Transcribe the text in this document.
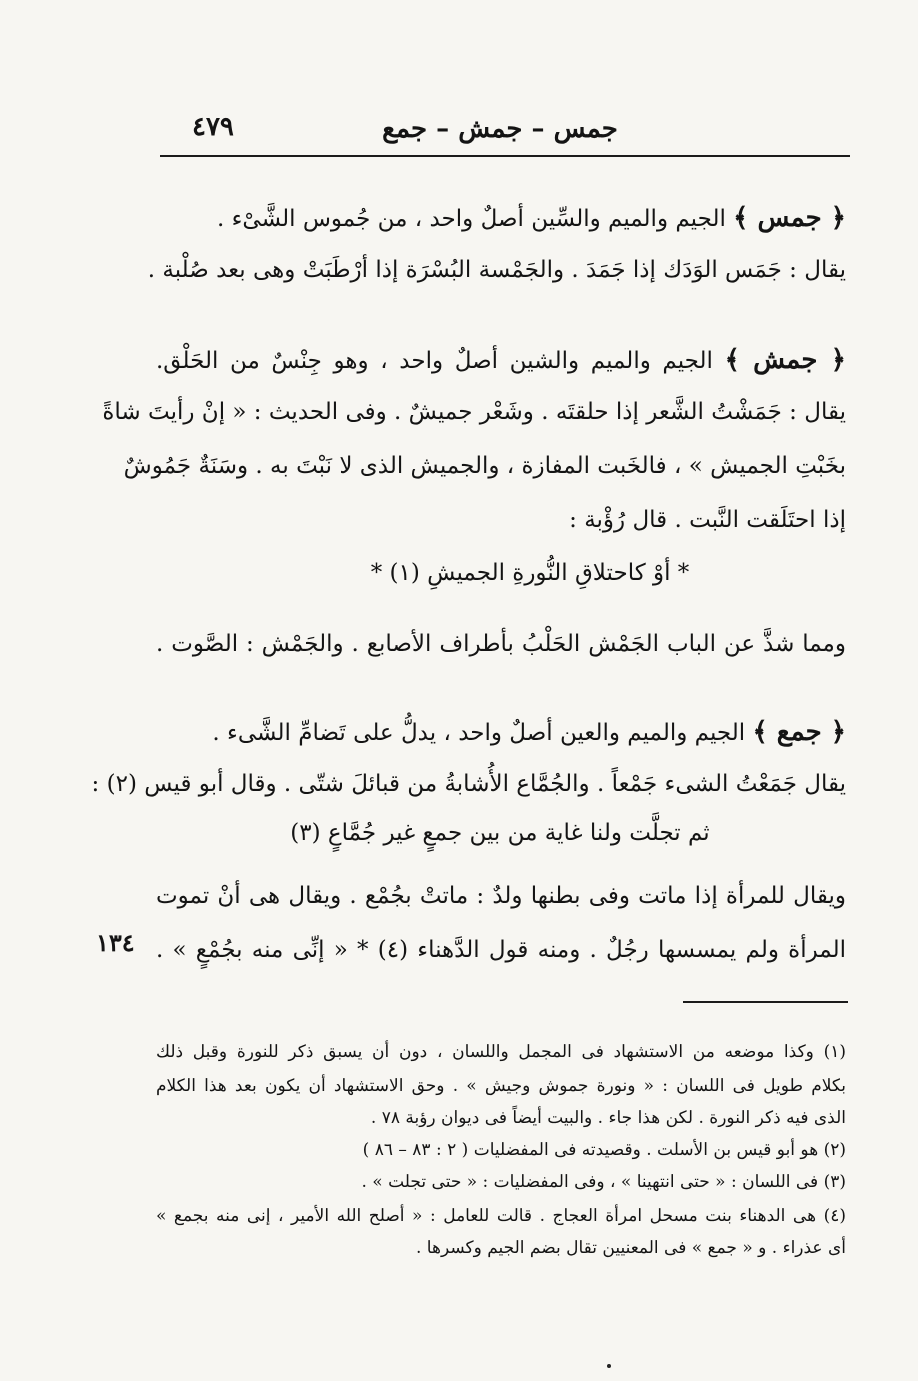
٤٧٩	جمس – جمش – جمع
﴿ جمس ﴾ الجيم والميم والسِّين أصلٌ واحد ، من جُموس الشَّىْء .
يقال : جَمَس الوَدَك إذا جَمَدَ . والجَمْسة البُسْرَة إذا أرْطَبَتْ وهى بعد صُلْبة .
﴿ جمش ﴾ الجيم والميم والشين أصلٌ واحد ، وهو جِنْسٌ من الحَلْق.
يقال : جَمَشْتُ الشَّعر إذا حلقتَه . وشَعْر جميشٌ . وفى الحديث : « إنْ رأيتَ شاةً
بخَبْتِ الجميش » ، فالخَبت المفازة ، والجميش الذى لا نَبْتَ به . وسَنَةٌ جَمُوشٌ
إذا احتَلَقت النَّبت . قال رُؤْبة :
* أوْ كاحتلاقِ النُّورةِ الجميشِ (١) *
ومما شذَّ عن الباب الجَمْش الحَلْبُ بأطراف الأصابع . والجَمْش : الصَّوت .
﴿ جمع ﴾ الجيم والميم والعين أصلٌ واحد ، يدلُّ على تَضامِّ الشَّىء .
يقال جَمَعْتُ الشىء جَمْعاً . والجُمَّاع الأُشابةُ من قبائلَ شتّى . وقال أبو قيس (٢) :
ثم تجلَّت ولنا غاية من بين جمعٍ غير جُمَّاعٍ (٣)
ويقال للمرأة إذا ماتت وفى بطنها ولدٌ : ماتتْ بجُمْع . ويقال هى أنْ تموت
المرأة ولم يمسسها رجُلٌ . ومنه قول الدَّهناء (٤) * « إنِّى منه بجُمْعٍ » .
١٣٤
(١) وكذا موضعه من الاستشهاد فى المجمل واللسان ، دون أن يسبق ذكر للنورة وقبل ذلك
بكلام طويل فى اللسان : « ونورة جموش وجيش » . وحق الاستشهاد أن يكون بعد هذا الكلام
الذى فيه ذكر النورة . لكن هذا جاء . والبيت أيضاً فى ديوان رؤبة ٧٨ .
(٢) هو أبو قيس بن الأسلت . وقصيدته فى المفضليات ( ٢ : ٨٣ – ٨٦ )
(٣) فى اللسان : « حتى انتهينا » ، وفى المفضليات : « حتى تجلت » .
(٤) هى الدهناء بنت مسحل امرأة العجاج . قالت للعامل : « أصلح الله الأمير ، إنى منه بجمع »
أى عذراء . و « جمع » فى المعنيين تقال بضم الجيم وكسرها .
